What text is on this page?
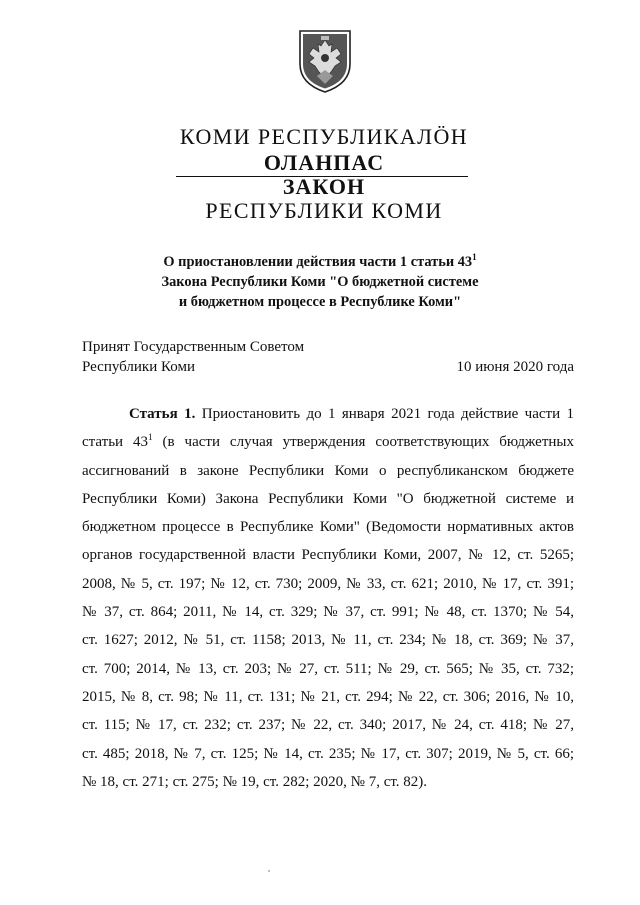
КОМИ РЕСПУБЛИКАЛӦН
ОЛАНПАС
ЗАКОН
РЕСПУБЛИКИ КОМИ
О приостановлении действия части 1 статьи $43^1$
Закона Республики Коми "О бюджетной системе
и бюджетном процессе в Республике Коми"
Принят Государственным Советом
Республики Коми	10 июня 2020 года
Статья 1. Приостановить до 1 января 2021 года действие части 1
статьи $43^1$ (в части случая утверждения соответствующих бюджетных
ассигнований в законе Республики Коми о республиканском бюджете
Республики Коми) Закона Республики Коми "О бюджетной системе и
бюджетном процессе в Республике Коми" (Ведомости нормативных актов
органов государственной власти Республики Коми, 2007, № 12, ст. 5265;
2008, № 5, ст. 197; № 12, ст. 730; 2009, № 33, ст. 621; 2010, № 17, ст. 391;
№ 37, ст. 864; 2011, № 14, ст. 329; № 37, ст. 991; № 48, ст. 1370; № 54,
ст. 1627; 2012, № 51, ст. 1158; 2013, № 11, ст. 234; № 18, ст. 369; № 37,
ст. 700; 2014, № 13, ст. 203; № 27, ст. 511; № 29, ст. 565; № 35, ст. 732;
2015, № 8, ст. 98; № 11, ст. 131; № 21, ст. 294; № 22, ст. 306; 2016, № 10,
ст. 115; № 17, ст. 232; ст. 237; № 22, ст. 340; 2017, № 24, ст. 418; № 27,
ст. 485; 2018, № 7, ст. 125; № 14, ст. 235; № 17, ст. 307; 2019, № 5, ст. 66;
№ 18, ст. 271; ст. 275; № 19, ст. 282; 2020, № 7, ст. 82).
